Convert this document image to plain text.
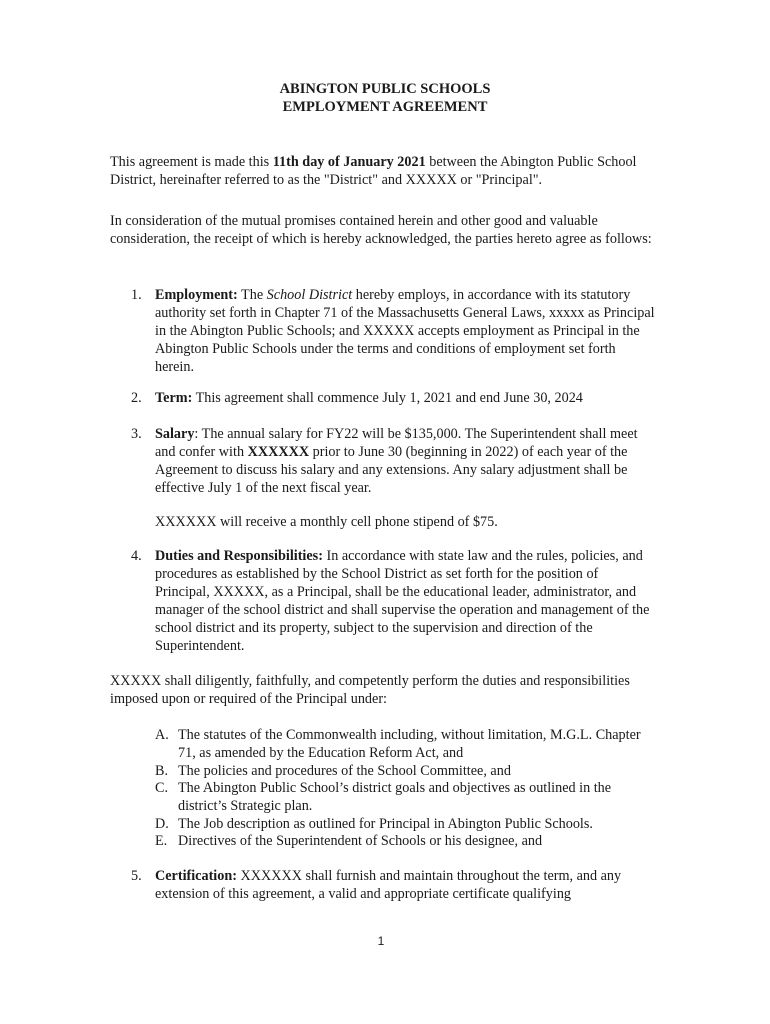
ABINGTON PUBLIC SCHOOLS
EMPLOYMENT AGREEMENT
This agreement is made this 11th day of January 2021 between the Abington Public School District, hereinafter referred to as the "District" and XXXXX or "Principal".
In consideration of the mutual promises contained herein and other good and valuable consideration, the receipt of which is hereby acknowledged, the parties hereto agree as follows:
1. Employment: The School District hereby employs, in accordance with its statutory authority set forth in Chapter 71 of the Massachusetts General Laws, xxxxx as Principal in the Abington Public Schools; and XXXXX accepts employment as Principal in the Abington Public Schools under the terms and conditions of employment set forth herein.
2. Term: This agreement shall commence July 1, 2021 and end June 30, 2024
3. Salary: The annual salary for FY22 will be $135,000. The Superintendent shall meet and confer with XXXXXX prior to June 30 (beginning in 2022) of each year of the Agreement to discuss his salary and any extensions. Any salary adjustment shall be effective July 1 of the next fiscal year.
XXXXXX will receive a monthly cell phone stipend of $75.
4. Duties and Responsibilities: In accordance with state law and the rules, policies, and procedures as established by the School District as set forth for the position of Principal, XXXXX, as a Principal, shall be the educational leader, administrator, and manager of the school district and shall supervise the operation and management of the school district and its property, subject to the supervision and direction of the Superintendent.
XXXXX shall diligently, faithfully, and competently perform the duties and responsibilities imposed upon or required of the Principal under:
A. The statutes of the Commonwealth including, without limitation, M.G.L. Chapter 71, as amended by the Education Reform Act, and
B. The policies and procedures of the School Committee, and
C. The Abington Public School’s district goals and objectives as outlined in the district’s Strategic plan.
D. The Job description as outlined for Principal in Abington Public Schools.
E. Directives of the Superintendent of Schools or his designee, and
5. Certification: XXXXXX shall furnish and maintain throughout the term, and any extension of this agreement, a valid and appropriate certificate qualifying
1
